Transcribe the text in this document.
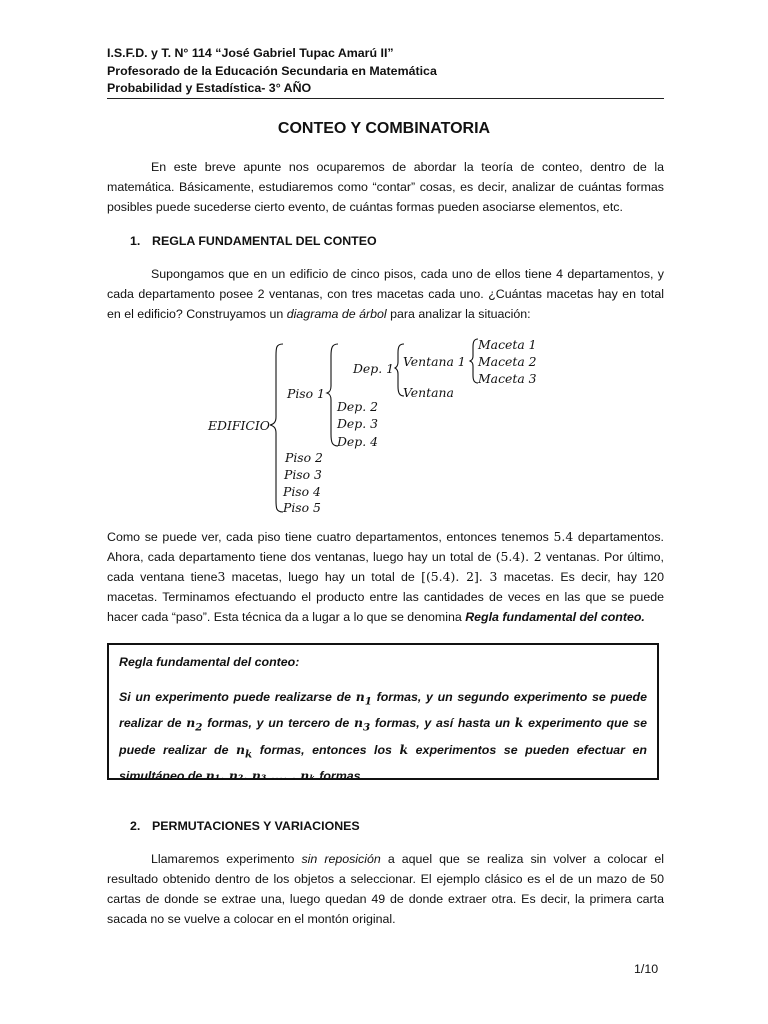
I.S.F.D. y T. N° 114 “José Gabriel Tupac Amarú II”
Profesorado de la Educación Secundaria en Matemática
Probabilidad y Estadística- 3° AÑO
CONTEO Y COMBINATORIA

En este breve apunte nos ocuparemos de abordar la teoría de conteo, dentro de la matemática. Básicamente, estudiaremos como “contar” cosas, es decir, analizar de cuántas formas posibles puede sucederse cierto evento, de cuántas formas pueden asociarse elementos, etc.

1. REGLA FUNDAMENTAL DEL CONTEO

Supongamos que en un edificio de cinco pisos, cada uno de ellos tiene 4 departamentos, y cada departamento posee 2 ventanas, con tres macetas cada uno. ¿Cuántas macetas hay en total en el edificio? Construyamos un diagrama de árbol para analizar la situación:

EDIFICIO
Piso 1
Dep. 1 Ventana 1
Ventana
Maceta 1
Maceta 2
Maceta 3
Dep. 2
Dep. 3
Dep. 4
Piso 2
Piso 3
Piso 4
Piso 5

Como se puede ver, cada piso tiene cuatro departamentos, entonces tenemos 5.4 departamentos. Ahora, cada departamento tiene dos ventanas, luego hay un total de (5.4). 2 ventanas. Por último, cada ventana tiene3 macetas, luego hay un total de [(5.4). 2]. 3 macetas. Es decir, hay 120 macetas. Terminamos efectuando el producto entre las cantidades de veces en las que se puede hacer cada “paso”. Esta técnica da a lugar a lo que se denomina Regla fundamental del conteo.

Regla fundamental del conteo:

Si un experimento puede realizarse de $n_1$ formas, y un segundo experimento se puede realizar de $n_2$ formas, y un tercero de $n_3$ formas, y así hasta un k experimento que se puede realizar de $n_k$ formas, entonces los k experimentos se pueden efectuar en simultáneo de n₁. n₂. n₃ …. . nₖ formas.

2. PERMUTACIONES Y VARIACIONES

Llamaremos experimento sin reposición a aquel que se realiza sin volver a colocar el resultado obtenido dentro de los objetos a seleccionar. El ejemplo clásico es el de un mazo de 50 cartas de donde se extrae una, luego quedan 49 de donde extraer otra. Es decir, la primera carta sacada no se vuelve a colocar en el montón original.

1/10
